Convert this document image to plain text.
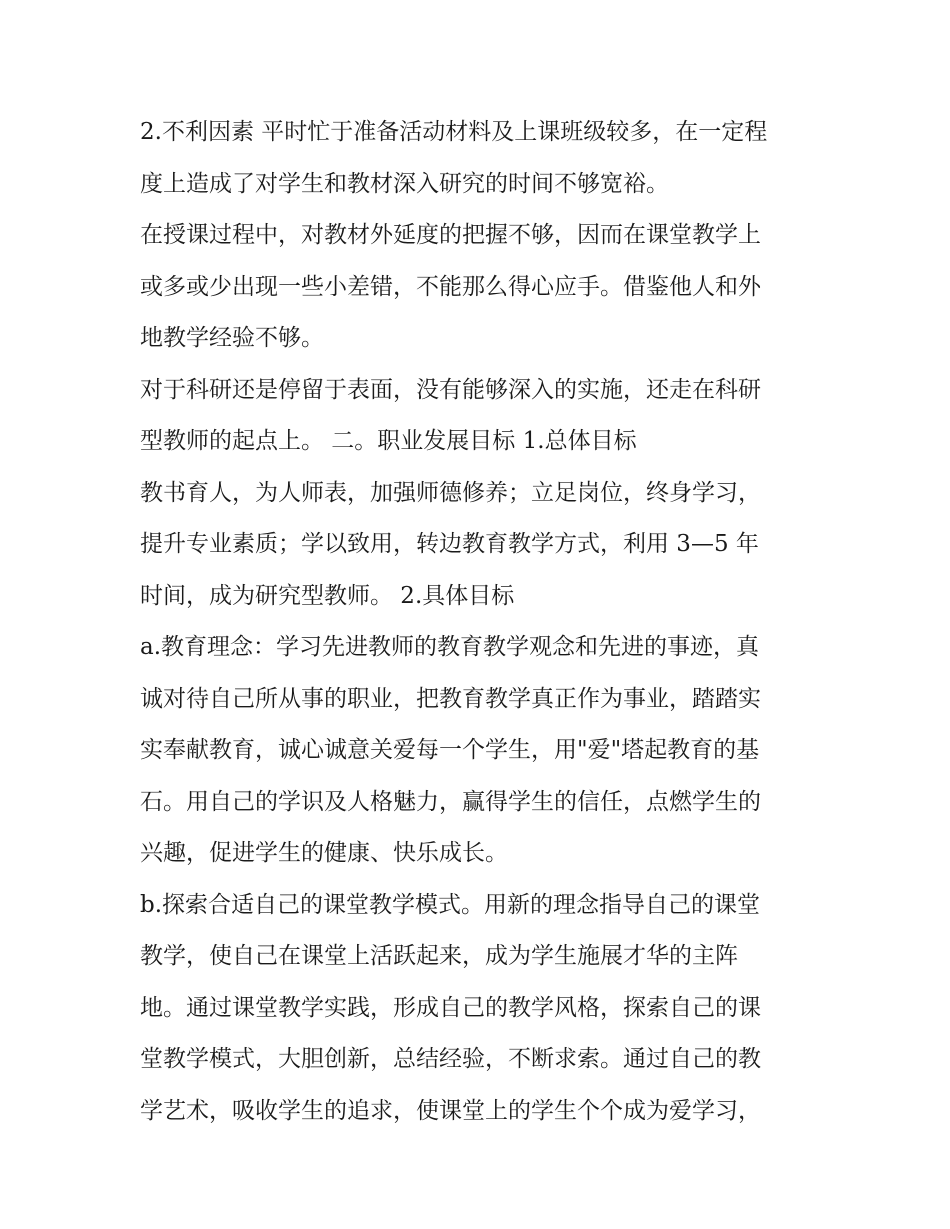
2.不利因素 平时忙于准备活动材料及上课班级较多，在一定程
度上造成了对学生和教材深入研究的时间不够宽裕。
在授课过程中，对教材外延度的把握不够，因而在课堂教学上
或多或少出现一些小差错，不能那么得心应手。借鉴他人和外
地教学经验不够。
对于科研还是停留于表面，没有能够深入的实施，还走在科研
型教师的起点上。 二。职业发展目标 1.总体目标
教书育人，为人师表，加强师德修养；立足岗位，终身学习，
提升专业素质；学以致用，转边教育教学方式，利用 3—5 年
时间，成为研究型教师。 2.具体目标
a.教育理念：学习先进教师的教育教学观念和先进的事迹，真
诚对待自己所从事的职业，把教育教学真正作为事业，踏踏实
实奉献教育，诚心诚意关爱每一个学生，用"爱"塔起教育的基
石。用自己的学识及人格魅力，赢得学生的信任，点燃学生的
兴趣，促进学生的健康、快乐成长。
b.探索合适自己的课堂教学模式。用新的理念指导自己的课堂
教学，使自己在课堂上活跃起来，成为学生施展才华的主阵
地。通过课堂教学实践，形成自己的教学风格，探索自己的课
堂教学模式，大胆创新，总结经验，不断求索。通过自己的教
学艺术，吸收学生的追求，使课堂上的学生个个成为爱学习，
